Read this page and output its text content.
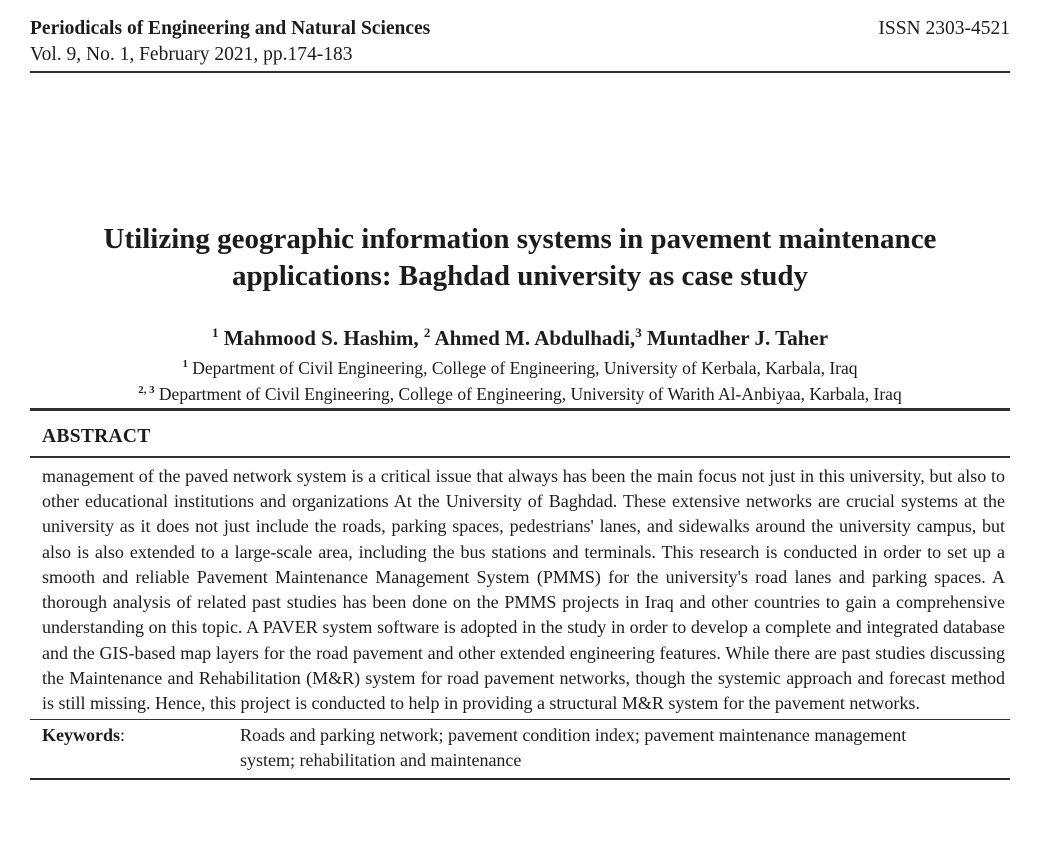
Periodicals of Engineering and Natural Sciences	ISSN 2303-4521
Vol. 9, No. 1, February 2021, pp.174-183
Utilizing geographic information systems in pavement maintenance applications: Baghdad university as case study
$^1$ Mahmood S. Hashim, $^2$ Ahmed M. Abdulhadi,$^3$ Muntadher J. Taher
$^1$ Department of Civil Engineering, College of Engineering, University of Kerbala, Karbala, Iraq
$^{2, 3}$ Department of Civil Engineering, College of Engineering, University of Warith Al-Anbiyaa, Karbala, Iraq
ABSTRACT

management of the paved network system is a critical issue that always has been the main focus not just in this university, but also to other educational institutions and organizations At the University of Baghdad. These extensive networks are crucial systems at the university as it does not just include the roads, parking spaces, pedestrians' lanes, and sidewalks around the university campus, but also is also extended to a large-scale area, including the bus stations and terminals. This research is conducted in order to set up a smooth and reliable Pavement Maintenance Management System (PMMS) for the university's road lanes and parking spaces. A thorough analysis of related past studies has been done on the PMMS projects in Iraq and other countries to gain a comprehensive understanding on this topic. A PAVER system software is adopted in the study in order to develop a complete and integrated database and the GIS-based map layers for the road pavement and other extended engineering features. While there are past studies discussing the Maintenance and Rehabilitation (M&R) system for road pavement networks, though the systemic approach and forecast method is still missing. Hence, this project is conducted to help in providing a structural M&R system for the pavement networks.

Keywords:	Roads and parking network; pavement condition index; pavement maintenance management system; rehabilitation and maintenance
